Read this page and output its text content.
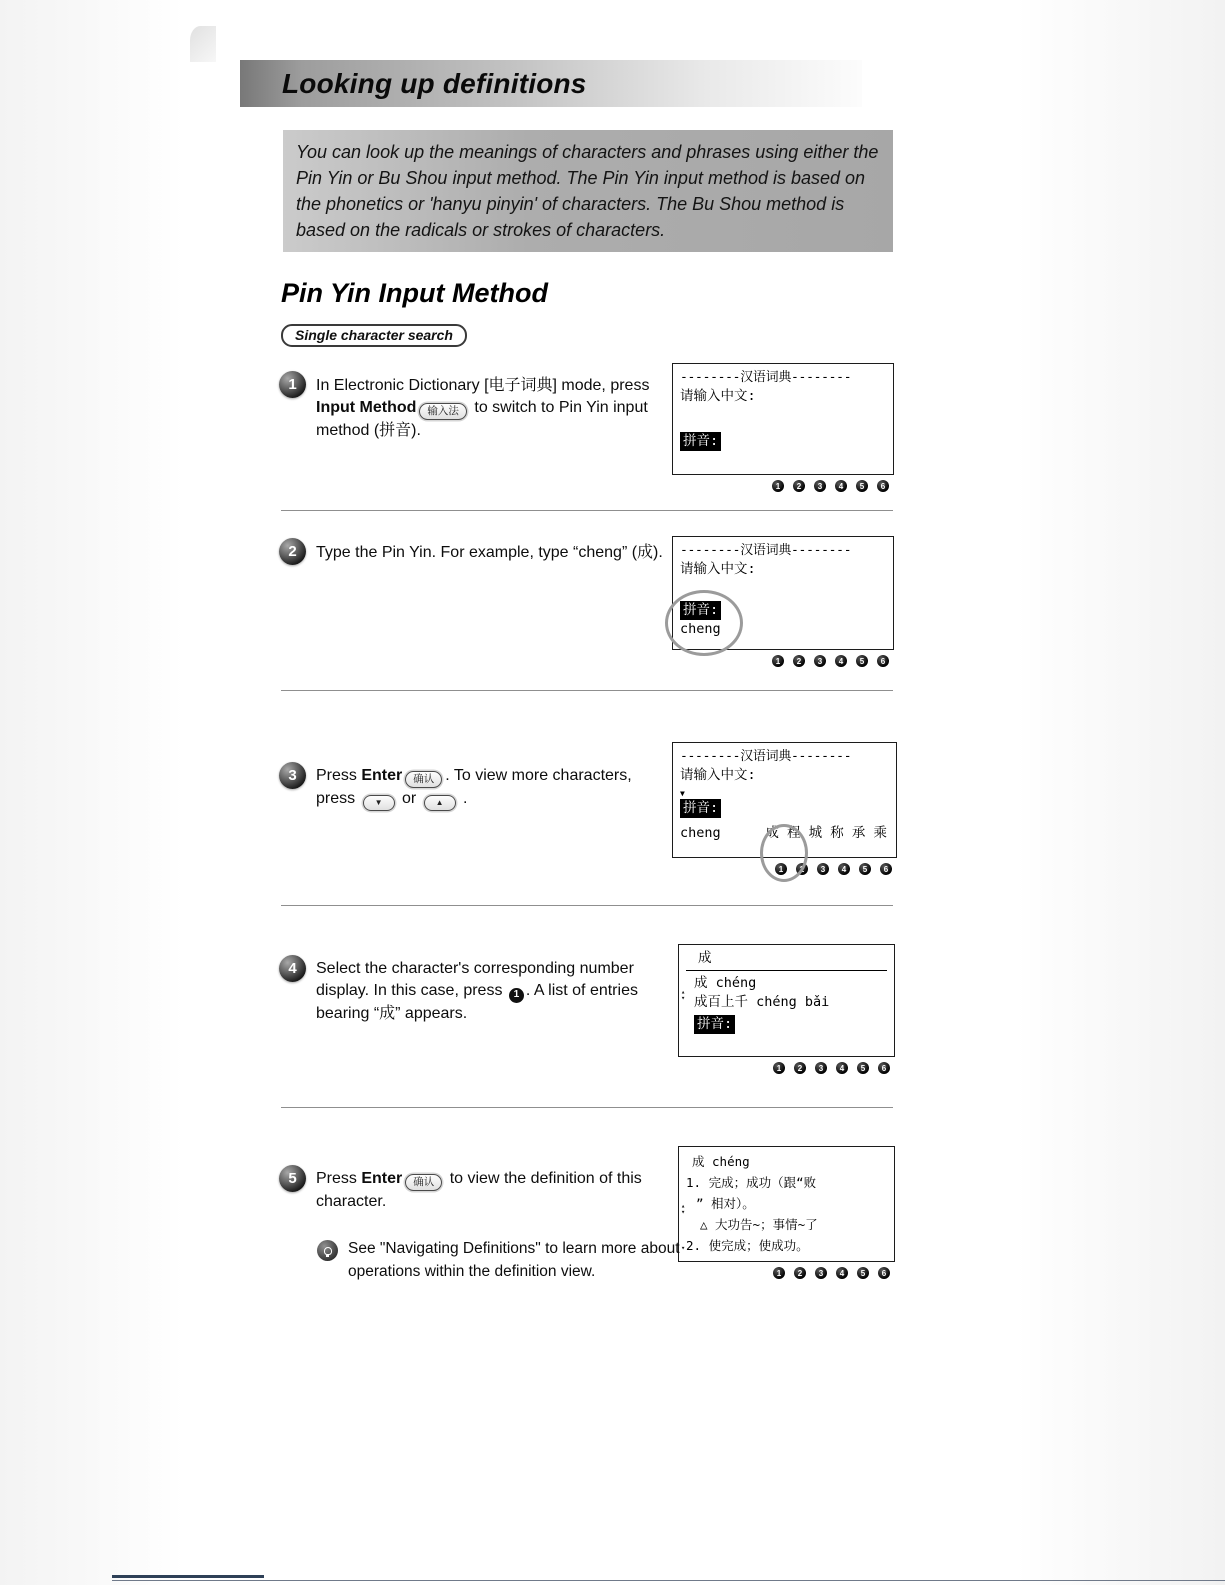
Looking up definitions

You can look up the meanings of characters and phrases using either the Pin Yin or Bu Shou input method. The Pin Yin input method is based on the phonetics or 'hanyu pinyin' of characters. The Bu Shou method is based on the radicals or strokes of characters.

Pin Yin Input Method
Single character search
1 In Electronic Dictionary [电子词典] mode, press Input Method 输入法 to switch to Pin Yin input method (拼音).
--------汉语词典--------
请输入中文:
拼音:
1	2	3	4	5	6
2 Type the Pin Yin. For example, type “cheng” (成).	--------汉语词典--------
请输入中文:
拼音:
cheng
1	2	3	4	5	6
3 Press Enter 确认 . To view more characters, press ▼ or ▲ .
--------汉语词典--------
请输入中文:
▼
拼音:
cheng	成 程 城 称 承 乘
1	2	3	4	5	6
4 Select the character's corresponding number display. In this case, press 1 . A list of entries bearing “成” appears.
成
成 chéng
成百上千 chéng bǎi
拼音:
▴
▾
1	2	3	4	5	6
5 Press Enter 确认 to view the definition of this character.
成 chéng
1. 完成；成功（跟“败
” 相对）。
△ 大功告~；事情~了
2. 使完成；使成功。
▴
▾
▾
1	2	3	4	5	6
See "Navigating Definitions" to learn more about operations within the definition view.
